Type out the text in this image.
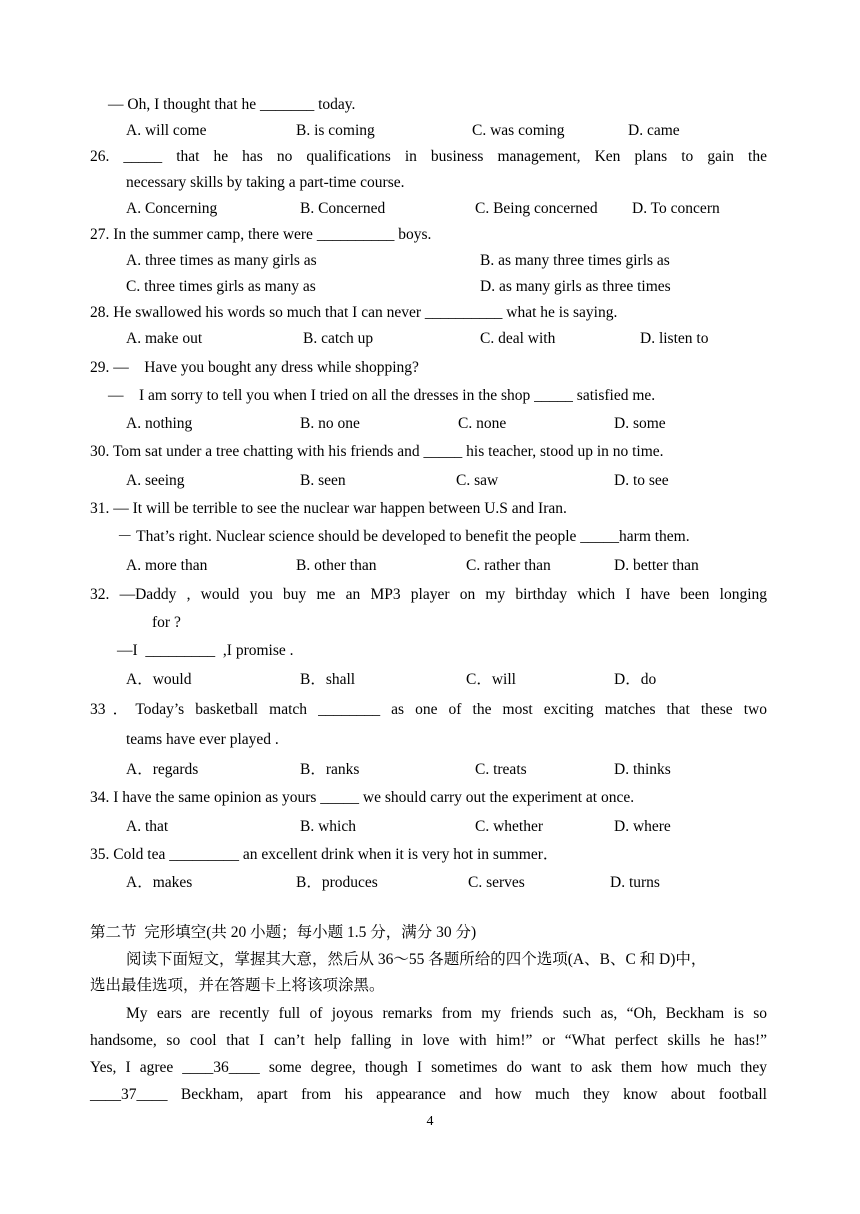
— Oh, I thought that he _______ today.
A. will come	B. is coming	C. was coming	D. came
26. _____ that he has no qualifications in business management, Ken plans to gain the
necessary skills by taking a part-time course.
A. Concerning	B. Concerned	C. Being concerned D. To concern
27. In the summer camp, there were __________ boys.
A. three times as many girls as	B. as many three times girls as
C. three times girls as many as	D. as many girls as three times
28. He swallowed his words so much that I can never __________ what he is saying.
A. make out	B. catch up	C. deal with	D. listen to
29. —    Have you bought any dress while shopping?
—    I am sorry to tell you when I tried on all the dresses in the shop _____ satisfied me.
A. nothing	B. no one	C. none	D. some
30. Tom sat under a tree chatting with his friends and _____ his teacher, stood up in no time.
A. seeing	B. seen	C. saw	D. to see
31. — It will be terrible to see the nuclear war happen between U.S and Iran.
－ That’s right. Nuclear science should be developed to benefit the people _____harm them.
A. more than	B. other than	C. rather than	D. better than
32. —Daddy , would you buy me an MP3 player on my birthday which I have been longing
for ?
—I  _________  ,I promise .
A．would	B．shall	C．will	D．do
33．Today’s basketball match ________ as one of the most exciting matches that these two
teams have ever played .
A．regards	B．ranks	C. treats	D. thinks
34. I have the same opinion as yours _____ we should carry out the experiment at once.
A. that	B. which	C. whether	D. where
35. Cold tea _________ an excellent drink when it is very hot in summer．
A．makes	B．produces	C. serves	D. turns
第二节  完形填空(共 20 小题；每小题 1.5 分，满分 30 分)
阅读下面短文，掌握其大意，然后从 36～55 各题所给的四个选项(A、B、C 和 D)中，
选出最佳选项，并在答题卡上将该项涂黑。
My ears are recently full of joyous remarks from my friends such as, “Oh, Beckham is so
handsome, so cool that I can’t help falling in love with him!” or “What perfect skills he has!”
Yes, I agree ____36____ some degree, though I sometimes do want to ask them how much they
____37____ Beckham, apart from his appearance and how much they know about football
4
